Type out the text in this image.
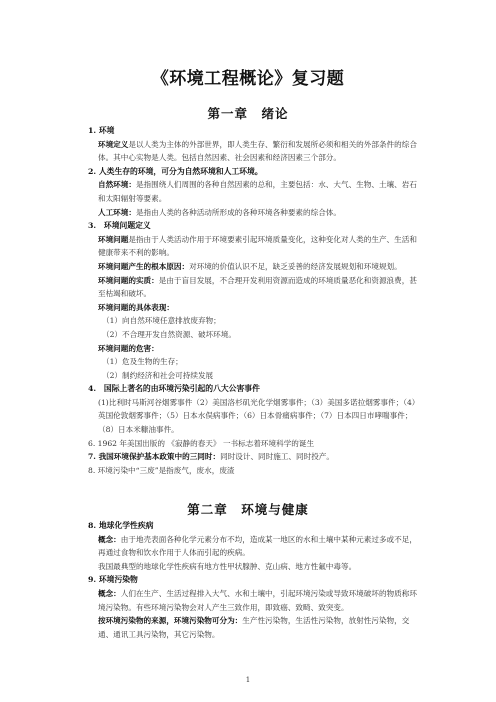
《环境工程概论》复习题
第一章　绪论
1. 环境
环境定义是以人类为主体的外部世界，即人类生存、繁衍和发展所必须和相关的外部条件的综合体。其中心实物是人类。包括自然因素、社会因素和经济因素三个部分。
2. 人类生存的环境，可分为自然环境和人工环境。
自然环境：是指围绕人们周围的各种自然因素的总和，主要包括：水、大气、生物、土壤、岩石和太阳辐射等要素。
人工环境：是指由人类的各种活动所形成的各种环境各种要素的综合体。
3.　环境问题定义
环境问题是指由于人类活动作用于环境要素引起环境质量变化，这种变化对人类的生产、生活和健康带来不利的影响。
环境问题产生的根本原因：对环境的价值认识不足，缺乏妥善的经济发展规划和环境规划。
环境问题的实质：是由于盲目发展，不合理开发利用资源而造成的环境质量恶化和资源浪费，甚至枯竭和破坏。
环境问题的具体表现：
（1）向自然环境任意排放废弃物；
（2）不合理开发自然资源、破坏环境。
环境问题的危害：
（1）危及生物的生存；
（2）制约经济和社会可持续发展
4.　国际上著名的由环境污染引起的八大公害事件
(1)比利时马斯河谷烟雾事件（2）美国洛杉矶光化学烟雾事件；（3）美国多诺拉烟雾事件；（4）英国伦敦烟雾事件；（5）日本水俣病事件；（6）日本骨痛病事件；（7）日本四日市哮喘事件；（8）日本米糠油事件。
6. 1962 年美国出版的 《寂静的春天》 一书标志着环境科学的诞生
7. 我国环境保护基本政策中的三同时：同时设计、同时施工、同时投产。
8. 环境污染中“三废”是指废气，废水，废渣
第二章　环境与健康
8. 地球化学性疾病
概念：由于地壳表面各种化学元素分布不均，造成某一地区的水和土壤中某种元素过多或不足，再通过食物和饮水作用于人体而引起的疾病。
我国最典型的地球化学性疾病有地方性甲状腺肿、克山病、地方性氟中毒等。
9. 环境污染物
概念：人们在生产、生活过程排入大气、水和土壤中，引起环境污染或导致环境破坏的物质称环境污染物。有些环境污染物会对人产生三致作用，即致癌、致畸、致突变。
按环境污染物的来源，环境污染物可分为：生产性污染物，生活性污染物，放射性污染物，交通、通讯工具污染物，其它污染物。
1
